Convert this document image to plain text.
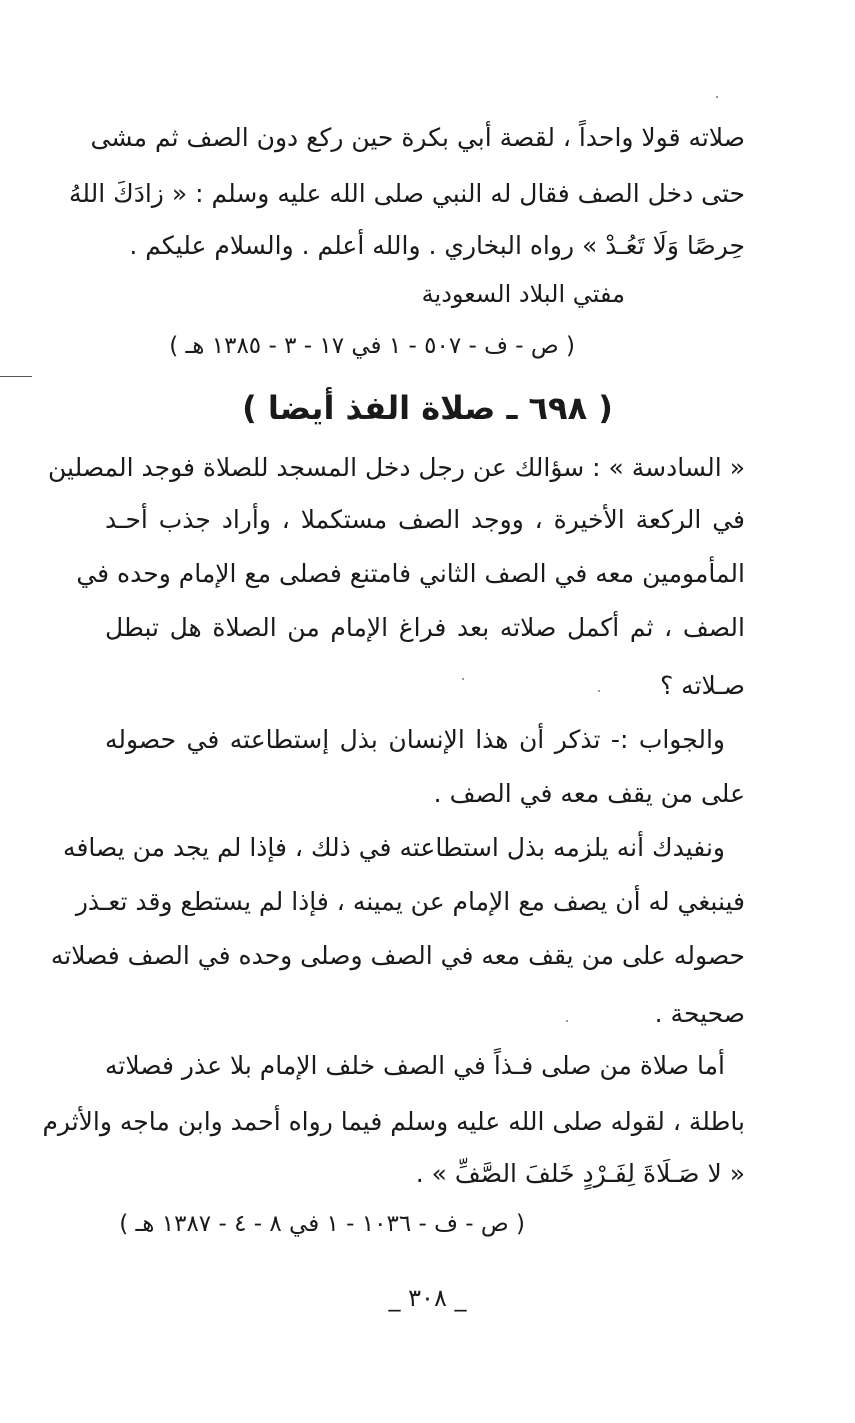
صلاته قولا واحداً ، لقصة أبي بكرة حين ركع دون الصف ثم مشى
حتى دخل الصف فقال له النبي صلى الله عليه وسلم : « زادَكَ اللهُ
حِرصًا وَلَا تَعُـدْ » رواه البخاري . والله أعلم . والسلام عليكم .
مفتي البلاد السعودية
( ص - ف - ٥٠٧ - ١ في ١٧ - ٣ - ١٣٨٥ هـ )
( ٦٩٨ ـ صلاة الفذ أيضا )
« السادسة » : سؤالك عن رجل دخل المسجد للصلاة فوجد المصلين
في الركعة الأخيرة ، ووجد الصف مستكملا ، وأراد جذب أحـد
المأمومين معه في الصف الثاني فامتنع فصلى مع الإمام وحده في
الصف ، ثم أكمل صلاته بعد فراغ الإمام من الصلاة هل تبطل
صـلاته ؟
والجواب :- تذكر أن هذا الإنسان بذل إستطاعته في حصوله
على من يقف معه في الصف .
ونفيدك أنه يلزمه بذل استطاعته في ذلك ، فإذا لم يجد من يصافه
فينبغي له أن يصف مع الإمام عن يمينه ، فإذا لم يستطع وقد تعـذر
حصوله على من يقف معه في الصف وصلى وحده في الصف فصلاته
صحيحة .
أما صلاة من صلى فـذاً في الصف خلف الإمام بلا عذر فصلاته
باطلة ، لقوله صلى الله عليه وسلم فيما رواه أحمد وابن ماجه والأثرم
« لا صَـلَاةَ لِفَـرْدٍ خَلفَ الصَّفِّ » .
( ص - ف - ١٠٣٦ - ١ في ٨ - ٤ - ١٣٨٧ هـ )
_ ٣٠٨ _
